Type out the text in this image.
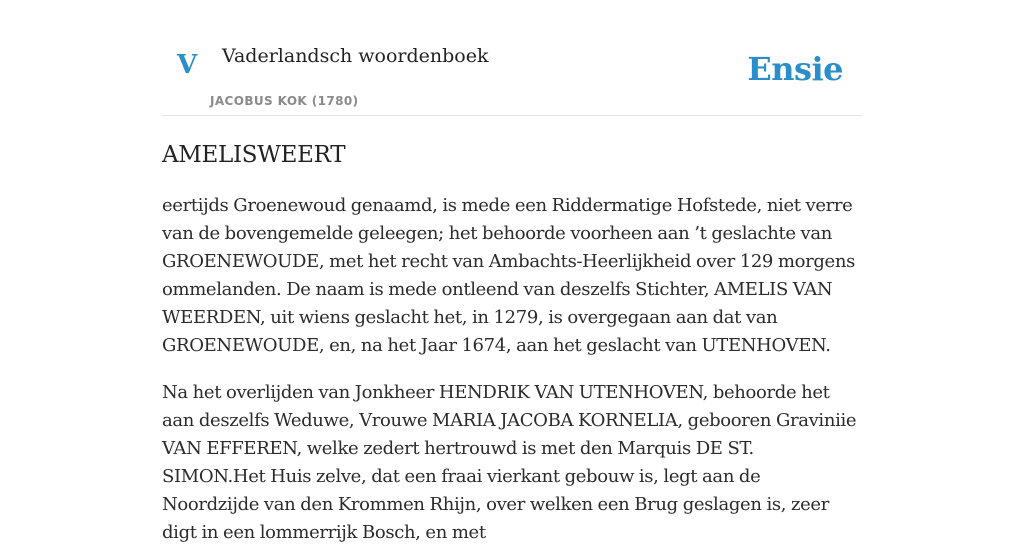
V Vaderlandsch woordenboek
JACOBUS KOK (1780)
Ensie
AMELISWEERT

eertijds Groenewoud genaamd, is mede een Riddermatige Hofstede, niet verre van de bovengemelde geleegen; het behoorde voorheen aan ’t geslachte van GROENEWOUDE, met het recht van Ambachts-Heerlijkheid over 129 morgens ommelanden. De naam is mede ontleend van deszelfs Stichter, AMELIS VAN WEERDEN, uit wiens geslacht het, in 1279, is overgegaan aan dat van GROENEWOUDE, en, na het Jaar 1674, aan het geslacht van UTENHOVEN.

Na het overlijden van Jonkheer HENDRIK VAN UTENHOVEN, behoorde het aan deszelfs Weduwe, Vrouwe MARIA JACOBA KORNELIA, gebooren Graviniie VAN EFFEREN, welke zedert hertrouwd is met den Marquis DE ST. SIMON.Het Huis zelve, dat een fraai vierkant gebouw is, legt aan de Noordzijde van den Krommen Rhijn, over welken een Brug geslagen is, zeer digt in een lommerrijk Bosch, en met
